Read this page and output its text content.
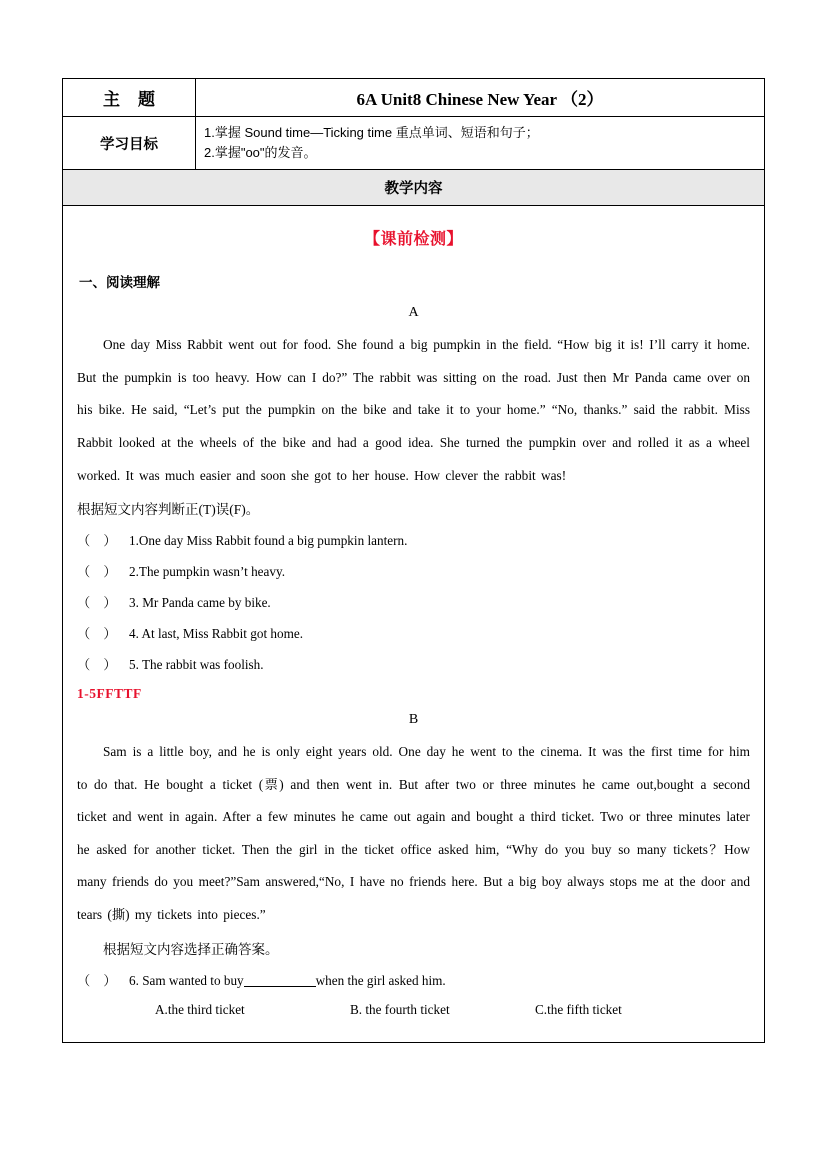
主题	6A Unit8 Chinese New Year （2）
学习目标
1.掌握 Sound time—Ticking time 重点单词、短语和句子；
2.掌握"oo"的发音。
教学内容
【课前检测】
一、阅读理解
A
One day Miss Rabbit went out for food. She found a big pumpkin in the field. “How big it is! I’ll carry it home. But the pumpkin is too heavy. How can I do?” The rabbit was sitting on the road. Just then Mr Panda came over on his bike. He said, “Let’s put the pumpkin on the bike and take it to your home.” “No, thanks.” said the rabbit. Miss Rabbit looked at the wheels of the bike and had a good idea. She turned the pumpkin over and rolled it as a wheel worked. It was much easier and soon she got to her house. How clever the rabbit was!
根据短文内容判断正(T)误(F)。
（　） 1.One day Miss Rabbit found a big pumpkin lantern.
（　） 2.The pumpkin wasn’t heavy.
（　） 3. Mr Panda came by bike.
（　） 4. At last, Miss Rabbit got home.
（　） 5. The rabbit was foolish.
1-5FFTTF
B
Sam is a little boy, and he is only eight years old. One day he went to the cinema. It was the first time for him to do that. He bought a ticket (票) and then went in. But after two or three minutes he came out,bought a second ticket and went in again. After a few minutes he came out again and bought a third ticket. Two or three minutes later he asked for another ticket. Then the girl in the ticket office asked him, “Why do you buy so many tickets？How many friends do you meet?”Sam answered,“No, I have no friends here. But a big boy always stops me at the door and tears (撕) my tickets into pieces.”
根据短文内容选择正确答案。
（　） 6. Sam wanted to buy	when the girl asked him.
A.the third ticket	B. the fourth ticket	C.the fifth ticket
